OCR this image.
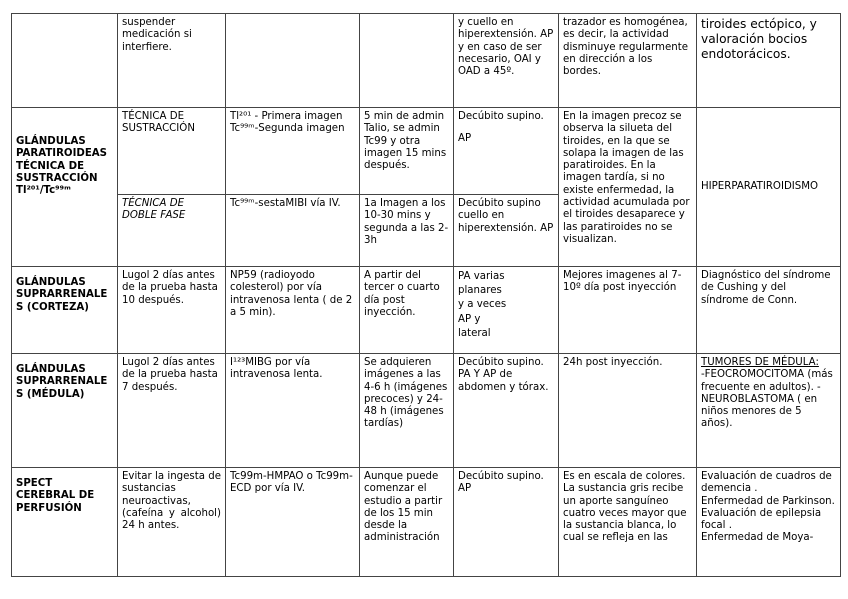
	suspender medicación si interfiere.			y cuello en hiperextensión. AP y en caso de ser necesario, OAI y OAD a 45º.	trazador es homogénea, es decir, la actividad disminuye regularmente en dirección a los bordes.	tiroides ectópico, y valoración bocios endotorácicos.
GLÁNDULAS PARATIROIDEAS TÉCNICA DE SUSTRACCIÓN Tl²⁰¹/Tc⁹⁹ᵐ	TÉCNICA DE SUSTRACCIÓN	Tl²⁰¹ - Primera imagen Tc⁹⁹ᵐ-Segunda imagen	5 min de admin Talio, se admin Tc99 y otra imagen 15 mins después.	Decúbito supino.

AP	En la imagen precoz se observa la silueta del tiroides, en la que se solapa la imagen de las paratiroides. En la imagen tardía, si no existe enfermedad, la actividad acumulada por el tiroides desaparece y las paratiroides no se visualizan.	HIPERPARATIROIDISMO
	TÉCNICA DE DOBLE FASE	Tc⁹⁹ᵐ-sestaMIBI vía IV.	1a Imagen a los 10-30 mins y segunda a las 2-3h	Decúbito supino cuello en hiperextensión. AP		
GLÁNDULAS SUPRARRENALES (CORTEZA)	Lugol 2 días antes de la prueba hasta 10 después.	NP59 (radioyodo colesterol) por vía intravenosa lenta ( de 2 a 5 min).	A partir del tercer o cuarto día post inyección.	PA varias

planares

y a veces

AP y

lateral	Mejores imagenes al 7-10º día post inyección	Diagnóstico del síndrome de Cushing y del síndrome de Conn.
GLÁNDULAS SUPRARRENALES (MÉDULA)	Lugol 2 días antes de la prueba hasta 7 después.	I¹²³MIBG por vía intravenosa lenta.	Se adquieren imágenes a las 4-6 h (imágenes precoces) y 24-48 h (imágenes tardías)	Decúbito supino. PA Y AP de abdomen y tórax.	24h post inyección.	TUMORES DE MÉDULA:

-FEOCROMOCITOMA (más frecuente en adultos). -NEUROBLASTOMA ( en niños menores de 5 años).

SPECT CEREBRAL DE PERFUSIÓN	Evitar la ingesta de sustancias neuroactivas, (cafeína y alcohol) 24 h antes.	Tc99m-HMPAO o Tc99m-ECD por vía IV.	Aunque puede comenzar el estudio a partir de los 15 min desde la administración	Decúbito supino. AP	Es en escala de colores. La sustancia gris recibe un aporte sanguíneo cuatro veces mayor que la sustancia blanca, lo cual se refleja en las	Evaluación de cuadros de demencia .

Enfermedad de Parkinson.

Evaluación de epilepsia focal .

Enfermedad de Moya-
